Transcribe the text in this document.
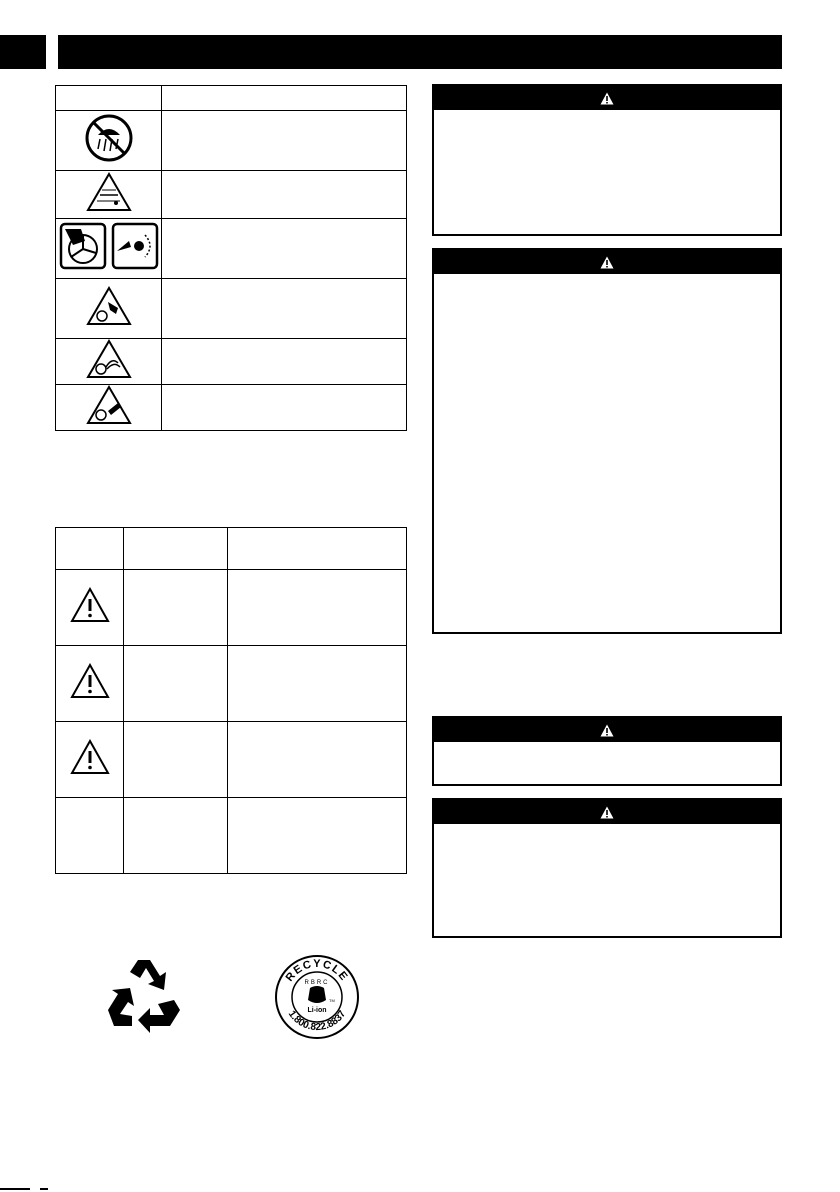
RECYCLE
RBRC
TM
Li-ion
1.800.822.8837
